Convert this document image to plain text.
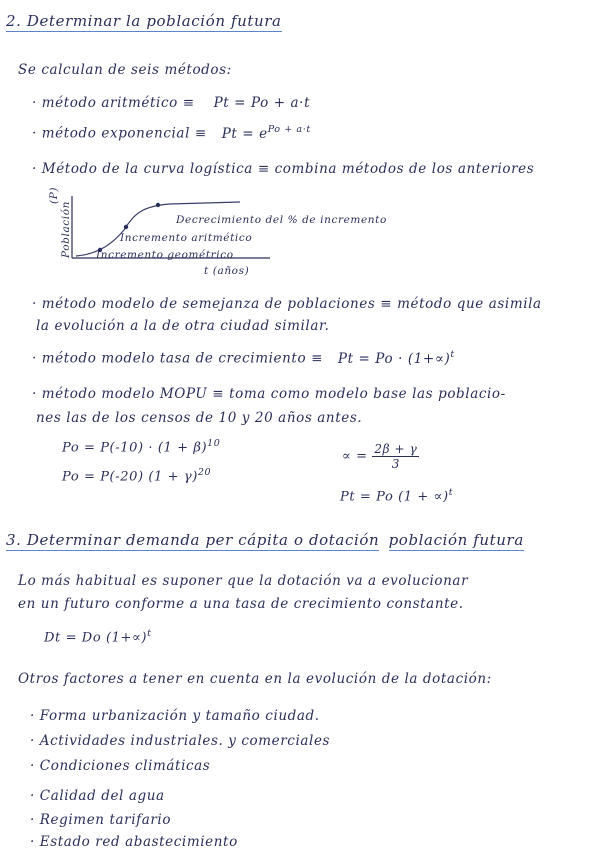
2. Determinar la población futura
Se calculan de seis métodos:
· método aritmético ≡ Pt = Po + a·t
· método exponencial ≡ $Pt = e^{Po + a\cdot t}$
· Método de la curva logística ≡ combina métodos de los anteriores
(P)
Población	Decrecimiento del % de incremento
Incremento aritmético
Incremento geométrico
t (años)
· método modelo de semejanza de poblaciones ≡ método que asimila
la evolución a la de otra ciudad similar.
· método modelo tasa de crecimiento ≡ $Pt = Po \cdot (1+\propto)^t$
· método modelo MOPU ≡ toma como modelo base las poblacio-
nes las de los censos de 10 y 20 años antes.
$Po = P(-10) \cdot (1 + \beta)^{10}$
Po = P(-20) $(1 + \gamma)^{20}$
∝ = $\frac{2\beta + \gamma}{3}$
Pt = Po $(1 + \propto)^t$
3. Determinar demanda per cápita o dotación población futura
Lo más habitual es suponer que la dotación va a evolucionar
en un futuro conforme a una tasa de crecimiento constante.
Dt = Do $(1+\propto)^t$
Otros factores a tener en cuenta en la evolución de la dotación:
· Forma urbanización y tamaño ciudad.
· Actividades industriales. y comerciales
· Condiciones climáticas
· Calidad del agua
· Regimen tarifario
· Estado red abastecimiento
